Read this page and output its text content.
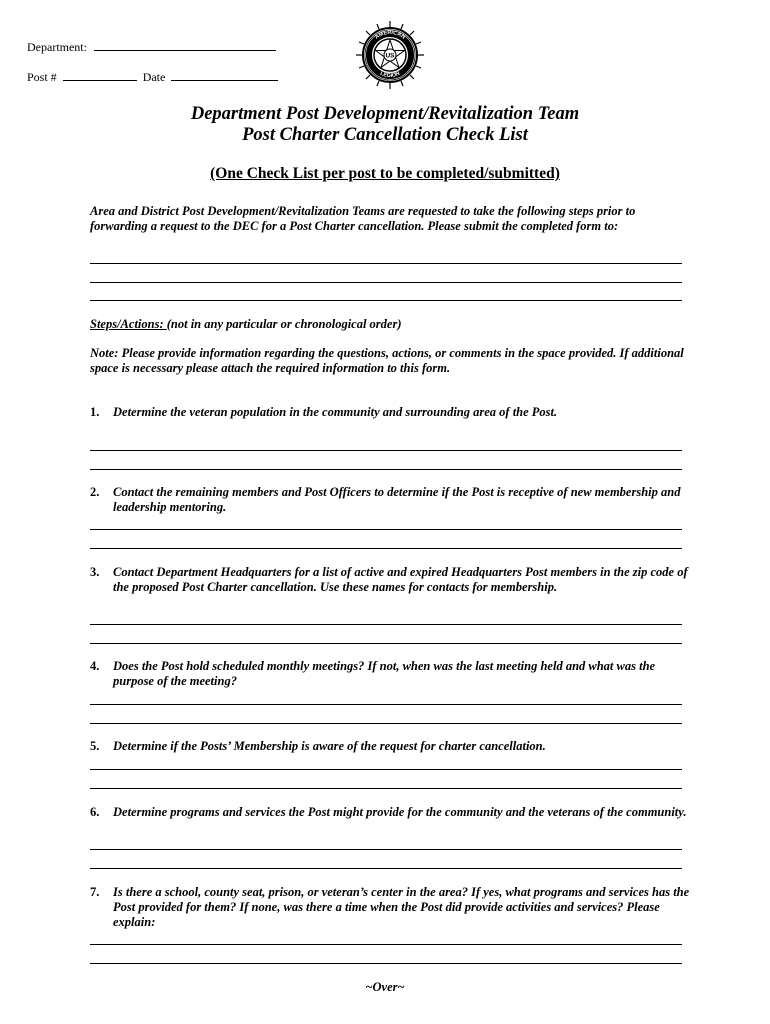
Department:
Post #	Date
US
AMERICAN
LEGION
Department Post Development/Revitalization Team
Post Charter Cancellation Check List
(One Check List per post to be completed/submitted)
Area and District Post Development/Revitalization Teams are requested to take the following steps prior to forwarding a request to the DEC for a Post Charter cancellation. Please submit the completed form to:
Steps/Actions: (not in any particular or chronological order)
Note: Please provide information regarding the questions, actions, or comments in the space provided. If additional space is necessary please attach the required information to this form.
1. Determine the veteran population in the community and surrounding area of the Post.
2. Contact the remaining members and Post Officers to determine if the Post is receptive of new membership and leadership mentoring.
3. Contact Department Headquarters for a list of active and expired Headquarters Post members in the zip code of the proposed Post Charter cancellation. Use these names for contacts for membership.
4. Does the Post hold scheduled monthly meetings? If not, when was the last meeting held and what was the purpose of the meeting?
5. Determine if the Posts’ Membership is aware of the request for charter cancellation.
6. Determine programs and services the Post might provide for the community and the veterans of the community.
7. Is there a school, county seat, prison, or veteran’s center in the area? If yes, what programs and services has the Post provided for them? If none, was there a time when the Post did provide activities and services? Please explain:
~Over~
